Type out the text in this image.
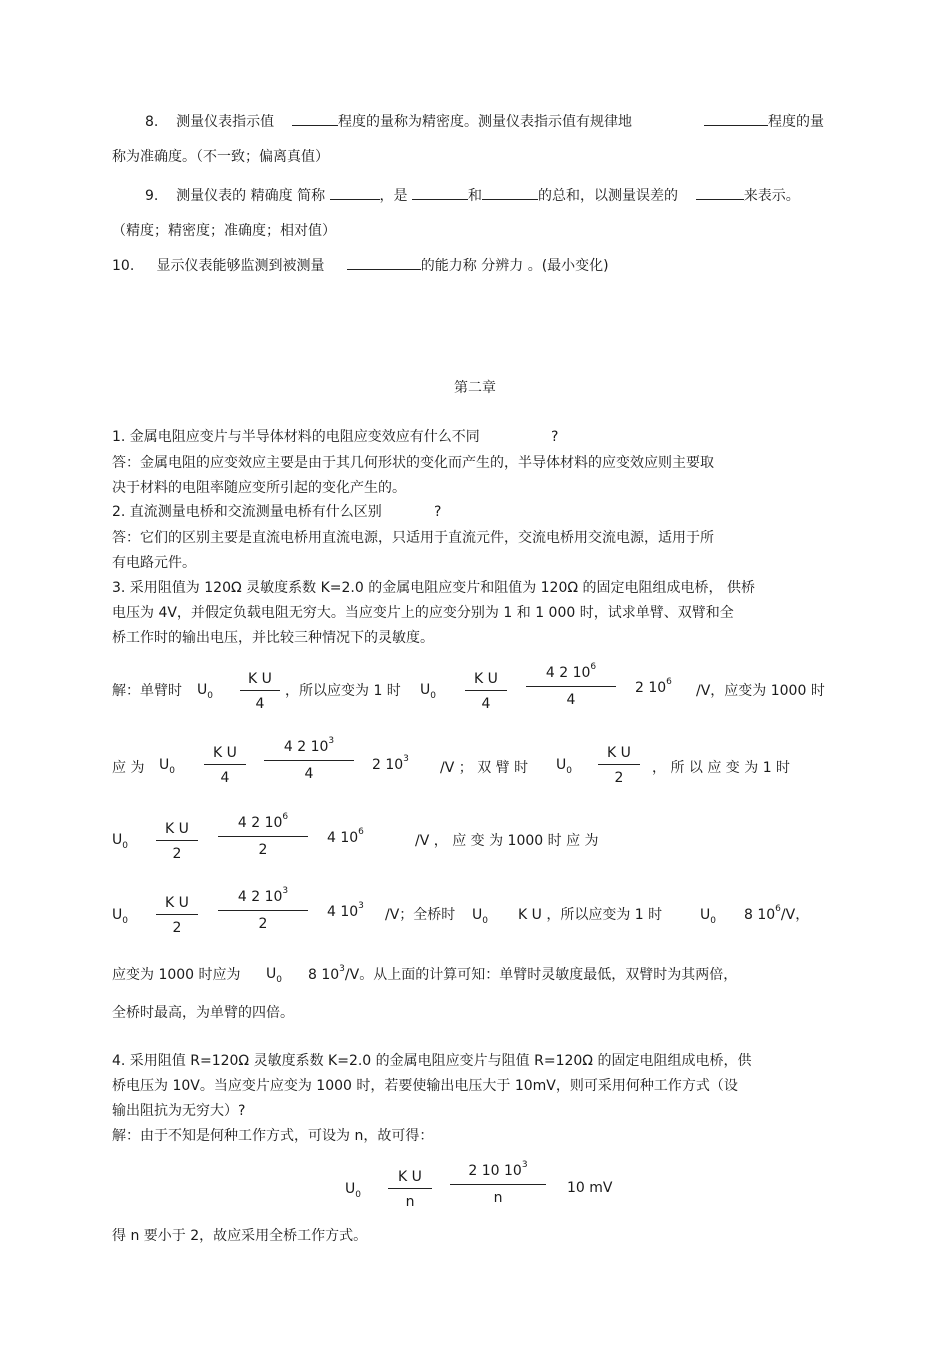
8. 测量仪表指示值	程度的量称为精密度。测量仪表指示值有规律地	程度的量
称为准确度。（不一致；偏离真值）
9. 测量仪表的 精确度 简称	，是	和	的总和，以测量误差的	来表示。
（精度；精密度；准确度；相对值）
10. 显示仪表能够监测到被测量	的能力称 分辨力 。(最小变化)
第二章
1. 金属电阻应变片与半导体材料的电阻应变效应有什么不同	?
答：金属电阻的应变效应主要是由于其几何形状的变化而产生的，半导体材料的应变效应则主要取
决于材料的电阻率随应变所引起的变化产生的。
2. 直流测量电桥和交流测量电桥有什么区别	?
答：它们的区别主要是直流电桥用直流电源，只适用于直流元件，交流电桥用交流电源，适用于所
有电路元件。
3. 采用阻值为 120Ω 灵敏度系数 K=2.0 的金属电阻应变片和阻值为 120Ω 的固定电阻组成电桥， 供桥
电压为 4V，并假定负载电阻无穷大。当应变片上的应变分别为 1 和 1 000 时，试求单臂、双臂和全
桥工作时的输出电压，并比较三种情况下的灵敏度。
解：单臂时 $U_0 \frac{\text{K U}}{4}$ ，所以应变为 1 时 $U_0 \frac{\text{K U}}{4} \frac{4 2 10^6}{4} 2$ $10^6$
/V，应变为 1000 时
应 为 $U_0 \frac{\text{K U}}{4} \frac{4 2 10^3}{4} 2$ $10^3$
/V ； 双 臂 时 $U_0 \frac{\text{K U}}{2}$ ， 所 以 应 变 为 1 时
$U_0 \frac{\text{K U}}{2} \frac{4 2 10^6}{2} 4$ $10^6$
/V ， 应 变 为 1000 时 应 为
$U_0 \frac{\text{K U}}{2} \frac{4 2 10^3}{2} 4$ $10^3$
/V；全桥时 $U_0$ K U ，所以应变为 1 时	$U_0$ 8 $10^6/V$，
应变为 1000 时应为 $U_0$ 8 $10^3/V$。从上面的计算可知：单臂时灵敏度最低，双臂时为其两倍，
全桥时最高，为单臂的四倍。
4. 采用阻值 R=120Ω 灵敏度系数 K=2.0 的金属电阻应变片与阻值 R=120Ω 的固定电阻组成电桥，供
桥电压为 10V。当应变片应变为 1000 时，若要使输出电压大于 10mV，则可采用何种工作方式（设
输出阻抗为无穷大）?
解：由于不知是何种工作方式，可设为 n，故可得：
$U_0 \frac{\text{K U}}{n} \frac{2 10 10^3}{n} 10$ mV
得 n 要小于 2，故应采用全桥工作方式。
